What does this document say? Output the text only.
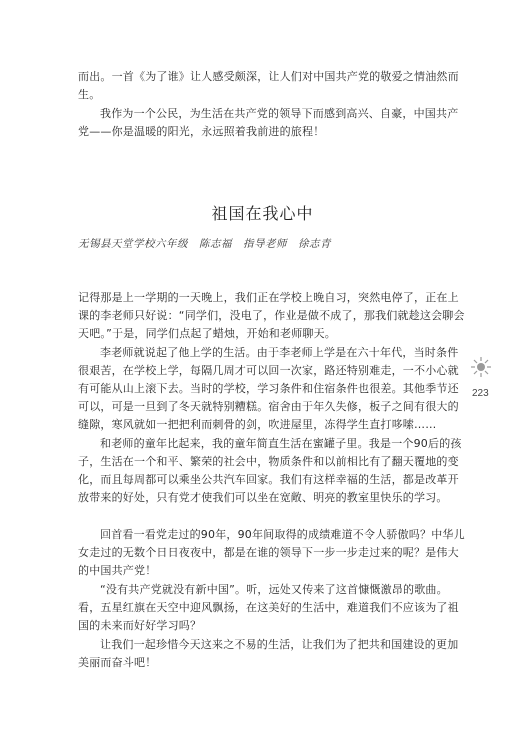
而出。一首《为了谁》让人感受颇深，让人们对中国共产党的敬爱之情油然而生。

我作为一个公民，为生活在共产党的领导下而感到高兴、自豪，中国共产党——你是温暖的阳光，永远照着我前进的旅程！

祖国在我心中
无锡县天堂学校六年级　陈志福　指导老师　徐志青

记得那是上一学期的一天晚上，我们正在学校上晚自习，突然电停了，正在上课的李老师只好说：“同学们，没电了，作业是做不成了，那我们就趁这会聊会天吧。”于是，同学们点起了蜡烛，开始和老师聊天。

李老师就说起了他上学的生活。由于李老师上学是在六十年代，当时条件很艰苦，在学校上学，每隔几周才可以回一次家，路还特别难走，一不小心就有可能从山上滚下去。当时的学校，学习条件和住宿条件也很差。其他季节还可以，可是一旦到了冬天就特别糟糕。宿舍由于年久失修，板子之间有很大的缝隙，寒风就如一把把利而刺骨的剑，吹进屋里，冻得学生直打哆嗦……

和老师的童年比起来，我的童年简直生活在蜜罐子里。我是一个90后的孩子，生活在一个和平、繁荣的社会中，物质条件和以前相比有了翻天覆地的变化，而且每周都可以乘坐公共汽车回家。我们有这样幸福的生活，都是改革开放带来的好处，只有党才使我们可以坐在宽敞、明亮的教室里快乐的学习。

回首看一看党走过的90年，90年间取得的成绩难道不令人骄傲吗？中华儿女走过的无数个日日夜夜中，都是在谁的领导下一步一步走过来的呢？是伟大的中国共产党！

“没有共产党就没有新中国”。听，远处又传来了这首慷慨激昂的歌曲。看，五星红旗在天空中迎风飘扬，在这美好的生活中，难道我们不应该为了祖国的未来而好好学习吗？

让我们一起珍惜今天这来之不易的生活，让我们为了把共和国建设的更加美丽而奋斗吧！

223
